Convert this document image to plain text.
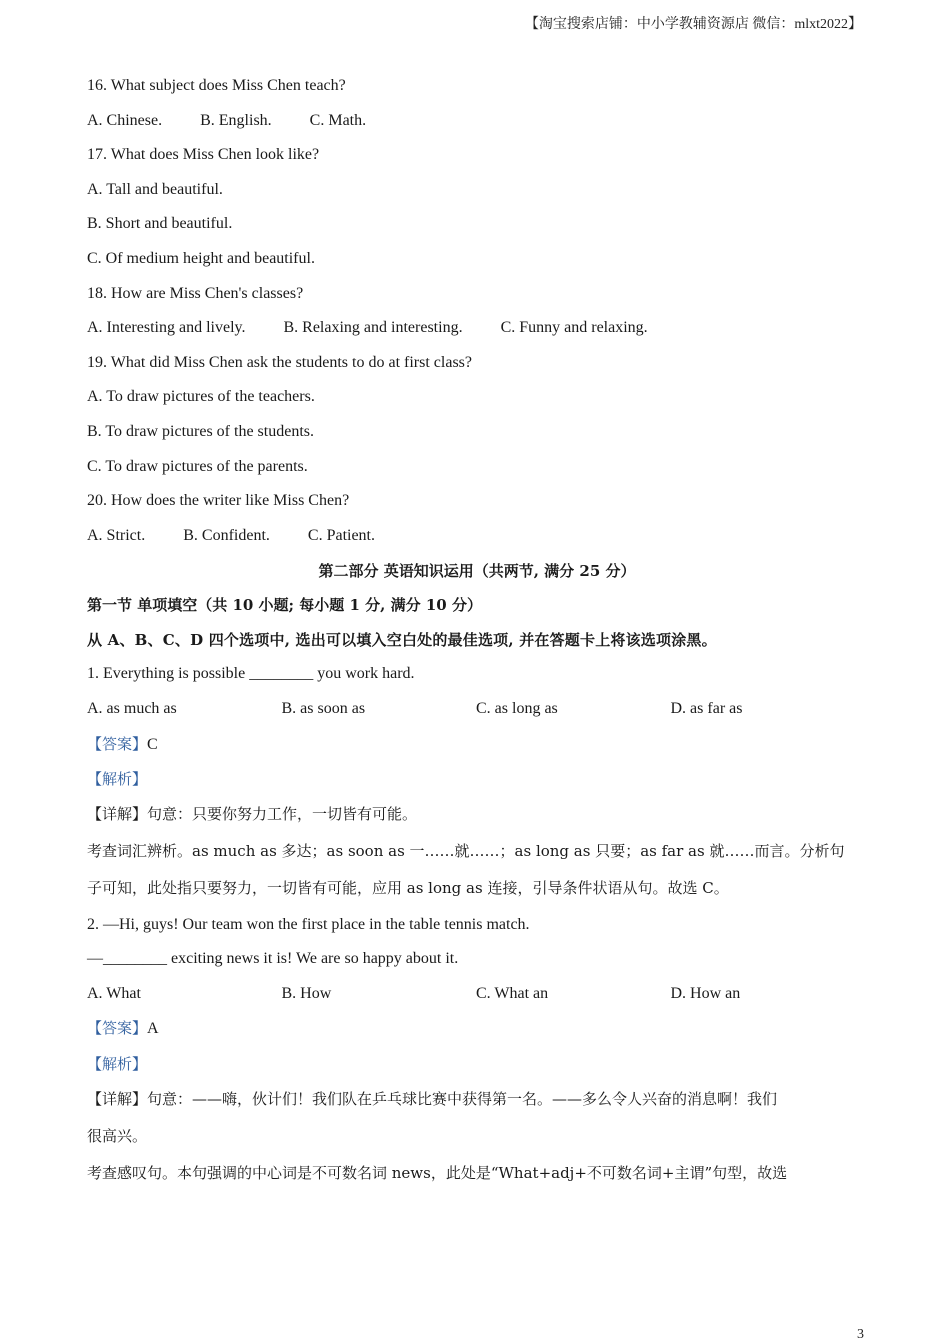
【淘宝搜索店铺：中小学教辅资源店 微信：mlxt2022】
16. What subject does Miss Chen teach?
A. Chinese. B. English. C. Math.
17. What does Miss Chen look like?
A. Tall and beautiful.
B. Short and beautiful.
C. Of medium height and beautiful.
18. How are Miss Chen's classes?
A. Interesting and lively. B. Relaxing and interesting. C. Funny and relaxing.
19. What did Miss Chen ask the students to do at first class?
A. To draw pictures of the teachers.
B. To draw pictures of the students.
C. To draw pictures of the parents.
20. How does the writer like Miss Chen?
A. Strict. B. Confident. C. Patient.
第二部分 英语知识运用（共两节, 满分 25 分）
第一节 单项填空（共 10 小题; 每小题 1 分, 满分 10 分）
从 A、B、C、D 四个选项中, 选出可以填入空白处的最佳选项, 并在答题卡上将该选项涂黑。
1. Everything is possible ________ you work hard.
A. as much as	B. as soon as	C. as long as	D. as far as
【答案】C
【解析】
【详解】句意：只要你努力工作，一切皆有可能。
考查词汇辨析。as much as 多达；as soon as 一……就……；as long as 只要；as far as 就……而言。分析句
子可知，此处指只要努力，一切皆有可能，应用 as long as 连接，引导条件状语从句。故选 C。
2. —Hi, guys! Our team won the first place in the table tennis match.
—________ exciting news it is! We are so happy about it.
A. What	B. How	C. What an	D. How an
【答案】A
【解析】
【详解】句意：——嗨，伙计们！我们队在乒乓球比赛中获得第一名。——多么令人兴奋的消息啊！我们
很高兴。
考查感叹句。本句强调的中心词是不可数名词 news，此处是“What+adj+不可数名词+主谓”句型，故选
3
